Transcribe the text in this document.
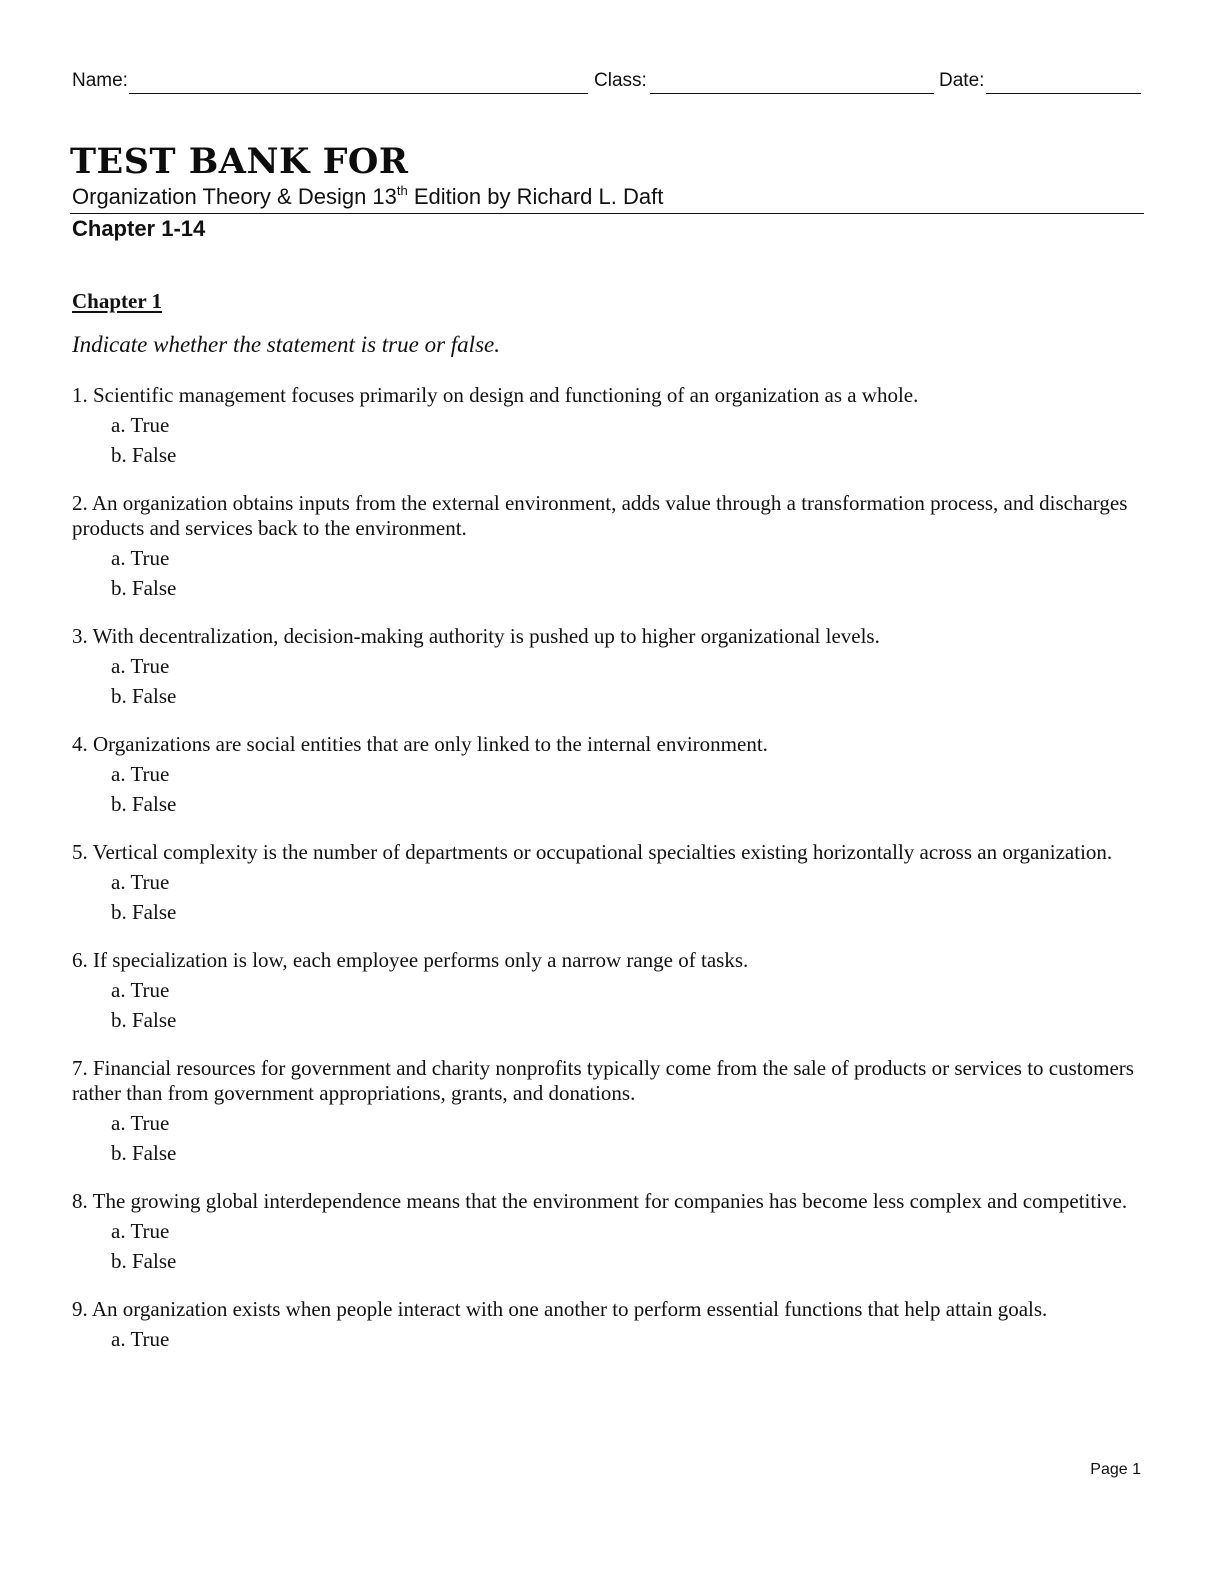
Name:	Class:	Date:
TEST BANK FOR
Organization Theory & Design 13th Edition by Richard L. Daft
Chapter 1-14
Chapter 1
Indicate whether the statement is true or false.

1. Scientific management focuses primarily on design and functioning of an organization as a whole.

a. True
b. False

2. An organization obtains inputs from the external environment, adds value through a transformation process, and discharges products and services back to the environment.

a. True
b. False

3. With decentralization, decision-making authority is pushed up to higher organizational levels.

a. True
b. False

4. Organizations are social entities that are only linked to the internal environment.

a. True
b. False

5. Vertical complexity is the number of departments or occupational specialties existing horizontally across an organization.

a. True
b. False

6. If specialization is low, each employee performs only a narrow range of tasks.

a. True
b. False

7. Financial resources for government and charity nonprofits typically come from the sale of products or services to customers rather than from government appropriations, grants, and donations.

a. True
b. False

8. The growing global interdependence means that the environment for companies has become less complex and competitive.

a. True
b. False

9. An organization exists when people interact with one another to perform essential functions that help attain goals.

a. True
Page 1
